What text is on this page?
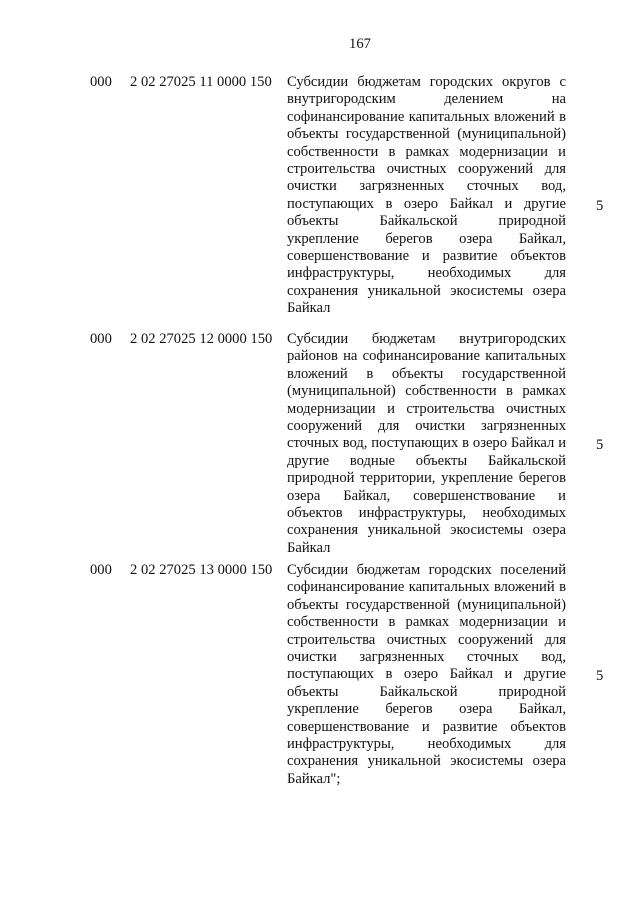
167
000 2 02 27025 11 0000 150 Субсидии бюджетам городских округов с
внутригородским делением на
софинансирование капитальных вложений в
объекты государственной (муниципальной)
собственности в рамках модернизации и
строительства очистных сооружений для
очистки загрязненных сточных вод,
поступающих в озеро Байкал и другие
объекты Байкальской природной
укрепление берегов озера Байкал,
совершенствование и развитие объектов
инфраструктуры, необходимых для
сохранения уникальной экосистемы озера
Байкал
5
000 2 02 27025 12 0000 150 Субсидии бюджетам внутригородских
районов на софинансирование капитальных
вложений в объекты государственной
(муниципальной) собственности в рамках
модернизации и строительства очистных
сооружений для очистки загрязненных
сточных вод, поступающих в озеро Байкал и
другие водные объекты Байкальской
природной территории, укрепление берегов
озера Байкал, совершенствование и
объектов инфраструктуры, необходимых
сохранения уникальной экосистемы озера
Байкал
5
000 2 02 27025 13 0000 150 Субсидии бюджетам городских поселений
софинансирование капитальных вложений в
объекты государственной (муниципальной)
собственности в рамках модернизации и
строительства очистных сооружений для
очистки загрязненных сточных вод,
поступающих в озеро Байкал и другие
объекты Байкальской природной
укрепление берегов озера Байкал,
совершенствование и развитие объектов
инфраструктуры, необходимых для
сохранения уникальной экосистемы озера
Байкал";
5
